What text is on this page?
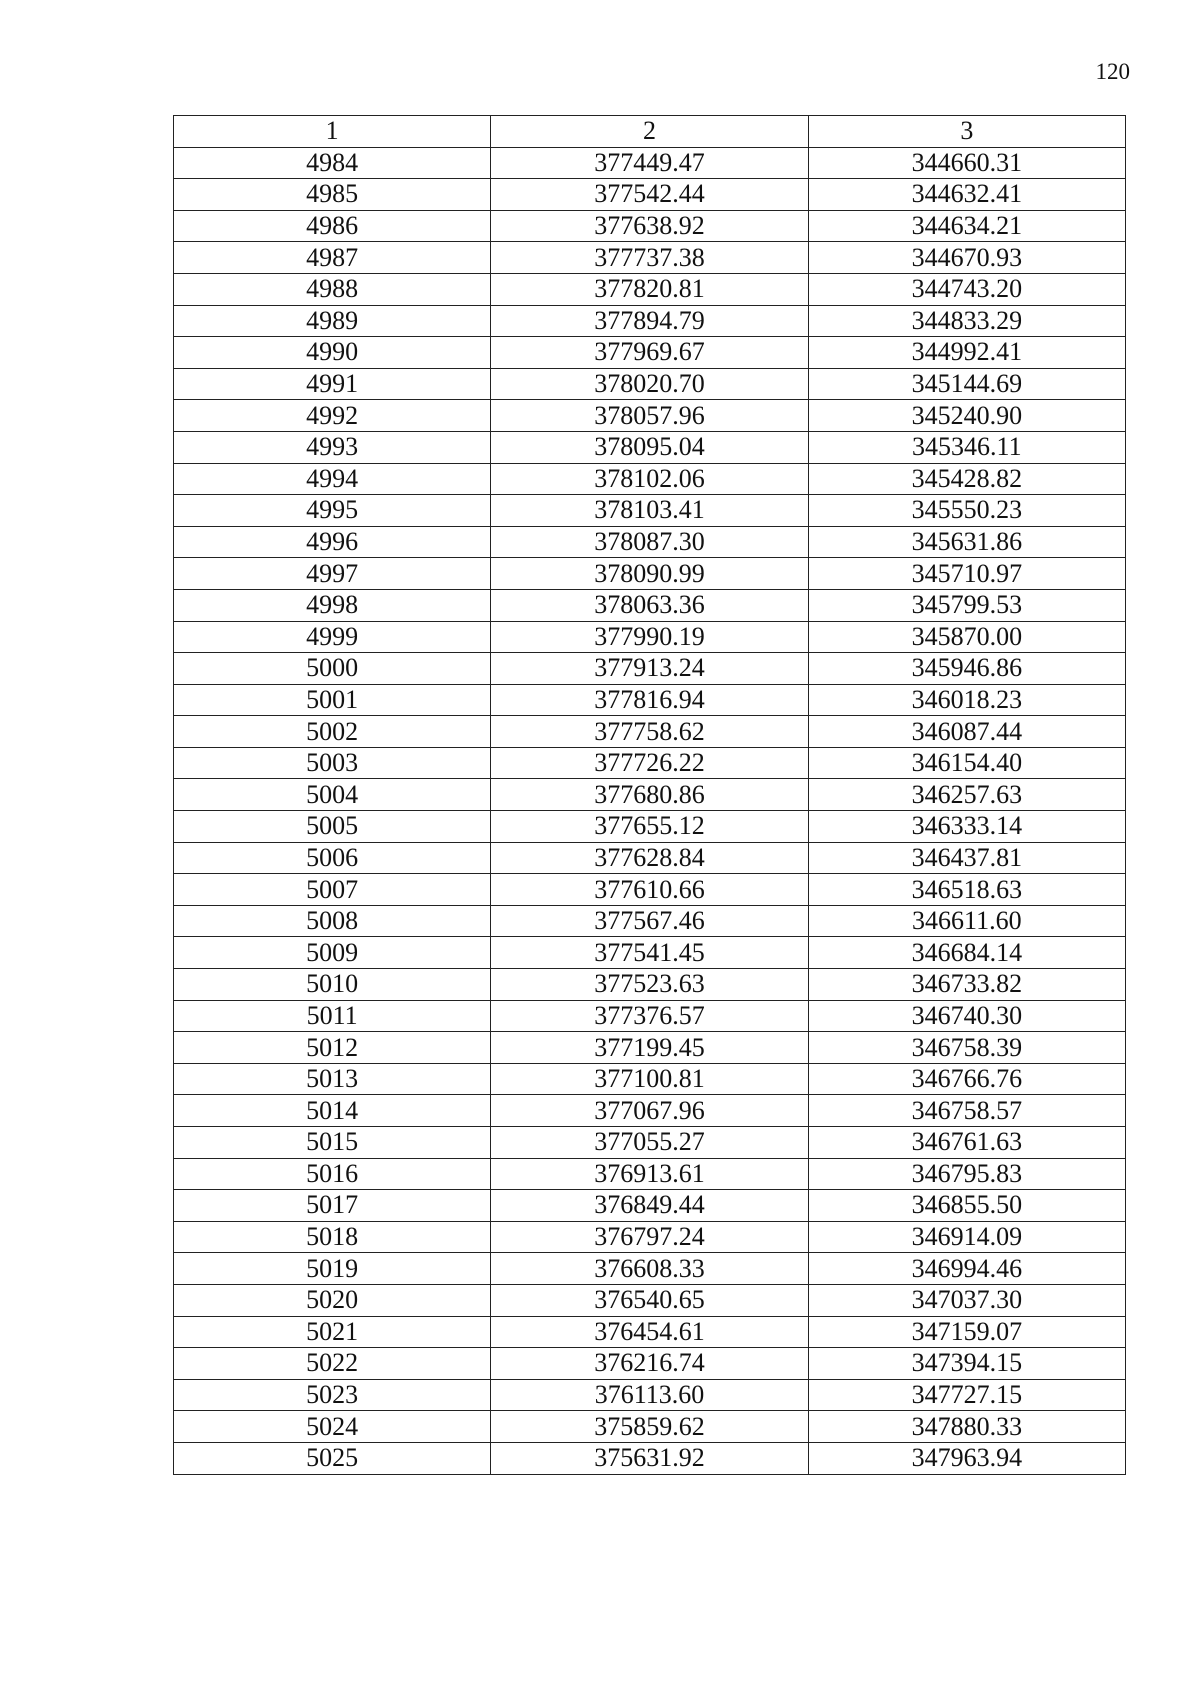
120
1	2	3
4984	377449.47	344660.31
4985	377542.44	344632.41
4986	377638.92	344634.21
4987	377737.38	344670.93
4988	377820.81	344743.20
4989	377894.79	344833.29
4990	377969.67	344992.41
4991	378020.70	345144.69
4992	378057.96	345240.90
4993	378095.04	345346.11
4994	378102.06	345428.82
4995	378103.41	345550.23
4996	378087.30	345631.86
4997	378090.99	345710.97
4998	378063.36	345799.53
4999	377990.19	345870.00
5000	377913.24	345946.86
5001	377816.94	346018.23
5002	377758.62	346087.44
5003	377726.22	346154.40
5004	377680.86	346257.63
5005	377655.12	346333.14
5006	377628.84	346437.81
5007	377610.66	346518.63
5008	377567.46	346611.60
5009	377541.45	346684.14
5010	377523.63	346733.82
5011	377376.57	346740.30
5012	377199.45	346758.39
5013	377100.81	346766.76
5014	377067.96	346758.57
5015	377055.27	346761.63
5016	376913.61	346795.83
5017	376849.44	346855.50
5018	376797.24	346914.09
5019	376608.33	346994.46
5020	376540.65	347037.30
5021	376454.61	347159.07
5022	376216.74	347394.15
5023	376113.60	347727.15
5024	375859.62	347880.33
5025	375631.92	347963.94
